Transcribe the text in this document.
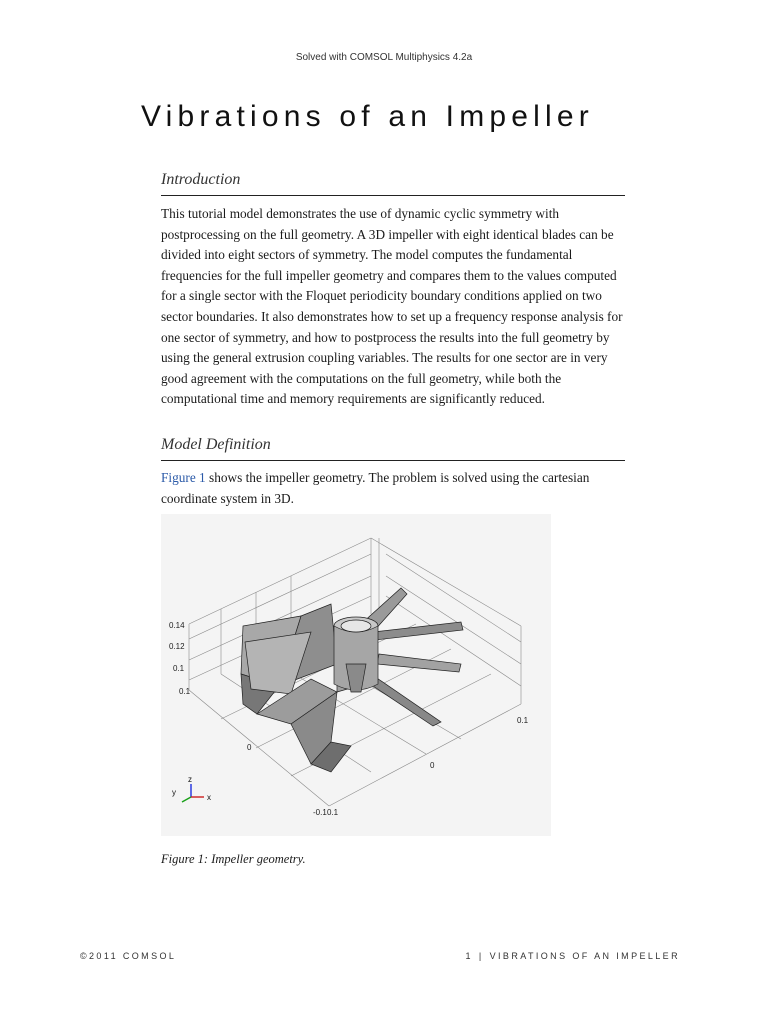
Solved with COMSOL Multiphysics 4.2a
Vibrations of an Impeller
Introduction

This tutorial model demonstrates the use of dynamic cyclic symmetry with postprocessing on the full geometry. A 3D impeller with eight identical blades can be divided into eight sectors of symmetry. The model computes the fundamental frequencies for the full impeller geometry and compares them to the values computed for a single sector with the Floquet periodicity boundary conditions applied on two sector boundaries. It also demonstrates how to set up a frequency response analysis for one sector of symmetry, and how to postprocess the results into the full geometry by using the general extrusion coupling variables. The results for one sector are in very good agreement with the computations on the full geometry, while both the computational time and memory requirements are significantly reduced.

Model Definition

Figure 1 shows the impeller geometry. The problem is solved using the cartesian coordinate system in 3D.

0.14
0.12
0.1
0.1
0
0.1
-0.1 0.1
0
z
x
y
Figure 1: Impeller geometry.
©2011 COMSOL	1 | VIBRATIONS OF AN IMPELLER
